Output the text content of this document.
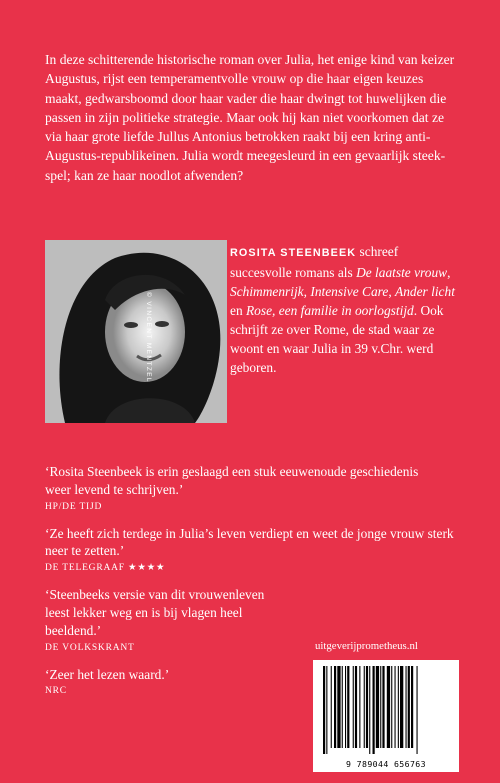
In deze schitterende historische roman over Julia, het enige kind van keizer Augustus, rijst een temperamentvolle vrouw op die haar eigen keuzes maakt, gedwarsboomd door haar vader die haar dwingt tot huwelijken die passen in zijn politieke strategie. Maar ook hij kan niet voorkomen dat ze via haar grote liefde Jullus Antonius betrokken raakt bij een kring anti-Augustus-republikeinen. Julia wordt meegesleurd in een gevaarlijk steek-spel; kan ze haar noodlot afwenden?

© VINCENT MENTZEL

ROSITA STEENBEEK schreef succesvolle romans als De laatste vrouw, Schimmenrijk, Intensive Care, Ander licht en Rose, een familie in oorlogstijd. Ook schrijft ze over Rome, de stad waar ze woont en waar Julia in 39 v.Chr. werd geboren.

‘Rosita Steenbeek is erin geslaagd een stuk eeuwenoude geschiedenis weer levend te schrijven.’

HP/DE TIJD

‘Ze heeft zich terdege in Julia’s leven verdiept en weet de jonge vrouw sterk neer te zetten.’

DE TELEGRAAF ★★★★

‘Steenbeeks versie van dit vrouwenleven leest lekker weg en is bij vlagen heel beeldend.’

DE VOLKSKRANT

‘Zeer het lezen waard.’

NRC

uitgeverijprometheus.nl
9 789044 656763
